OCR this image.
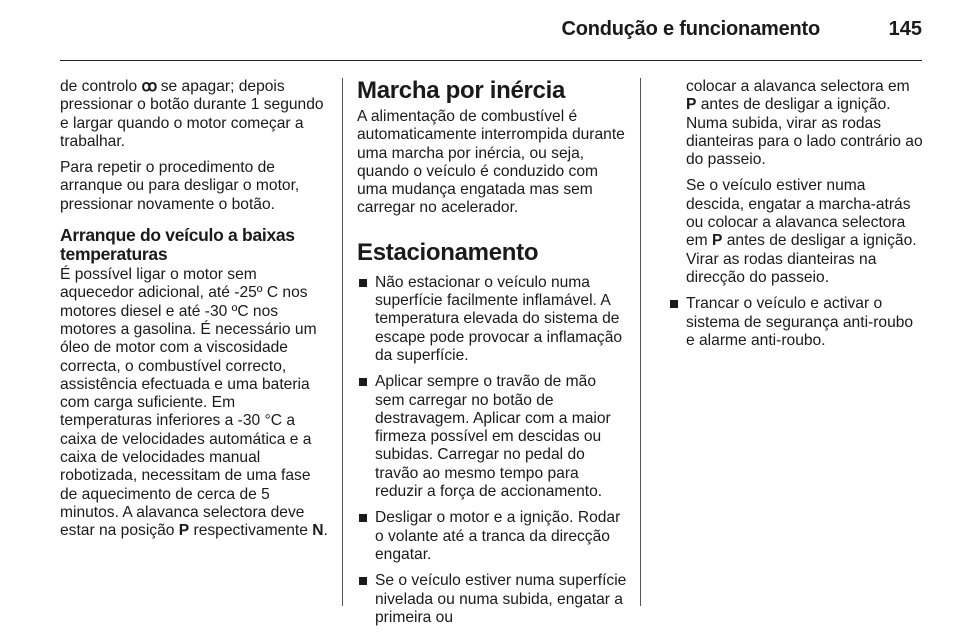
Condução e funcionamento	145

de controlo ꝏ se apagar; depois pressionar o botão durante 1 segundo e largar quando o motor começar a trabalhar.

Para repetir o procedimento de arranque ou para desligar o motor, pressionar novamente o botão.

Arranque do veículo a baixas temperaturas

É possível ligar o motor sem aquecedor adicional, até -25º C nos motores diesel e até -30 ºC nos motores a gasolina. É necessário um óleo de motor com a viscosidade correcta, o combustível correcto, assistência efectuada e uma bateria com carga suficiente. Em temperaturas inferiores a -30 °C a caixa de velocidades automática e a caixa de velocidades manual robotizada, necessitam de uma fase de aquecimento de cerca de 5 minutos. A alavanca selectora deve estar na posição P respectivamente N.

Marcha por inércia

A alimentação de combustível é automaticamente interrompida durante uma marcha por inércia, ou seja, quando o veículo é conduzido com uma mudança engatada mas sem carregar no acelerador.

Estacionamento
Não estacionar o veículo numa superfície facilmente inflamável. A temperatura elevada do sistema de escape pode provocar a inflamação da superfície.
Aplicar sempre o travão de mão sem carregar no botão de destravagem. Aplicar com a maior firmeza possível em descidas ou subidas. Carregar no pedal do travão ao mesmo tempo para reduzir a força de accionamento.
Desligar o motor e a ignição. Rodar o volante até a tranca da direcção engatar.
Se o veículo estiver numa superfície nivelada ou numa subida, engatar a primeira ou
colocar a alavanca selectora em P antes de desligar a ignição. Numa subida, virar as rodas dianteiras para o lado contrário ao do passeio.
Se o veículo estiver numa descida, engatar a marcha-atrás ou colocar a alavanca selectora em P antes de desligar a ignição. Virar as rodas dianteiras na direcção do passeio.
Trancar o veículo e activar o sistema de segurança anti-roubo e alarme anti-roubo.
